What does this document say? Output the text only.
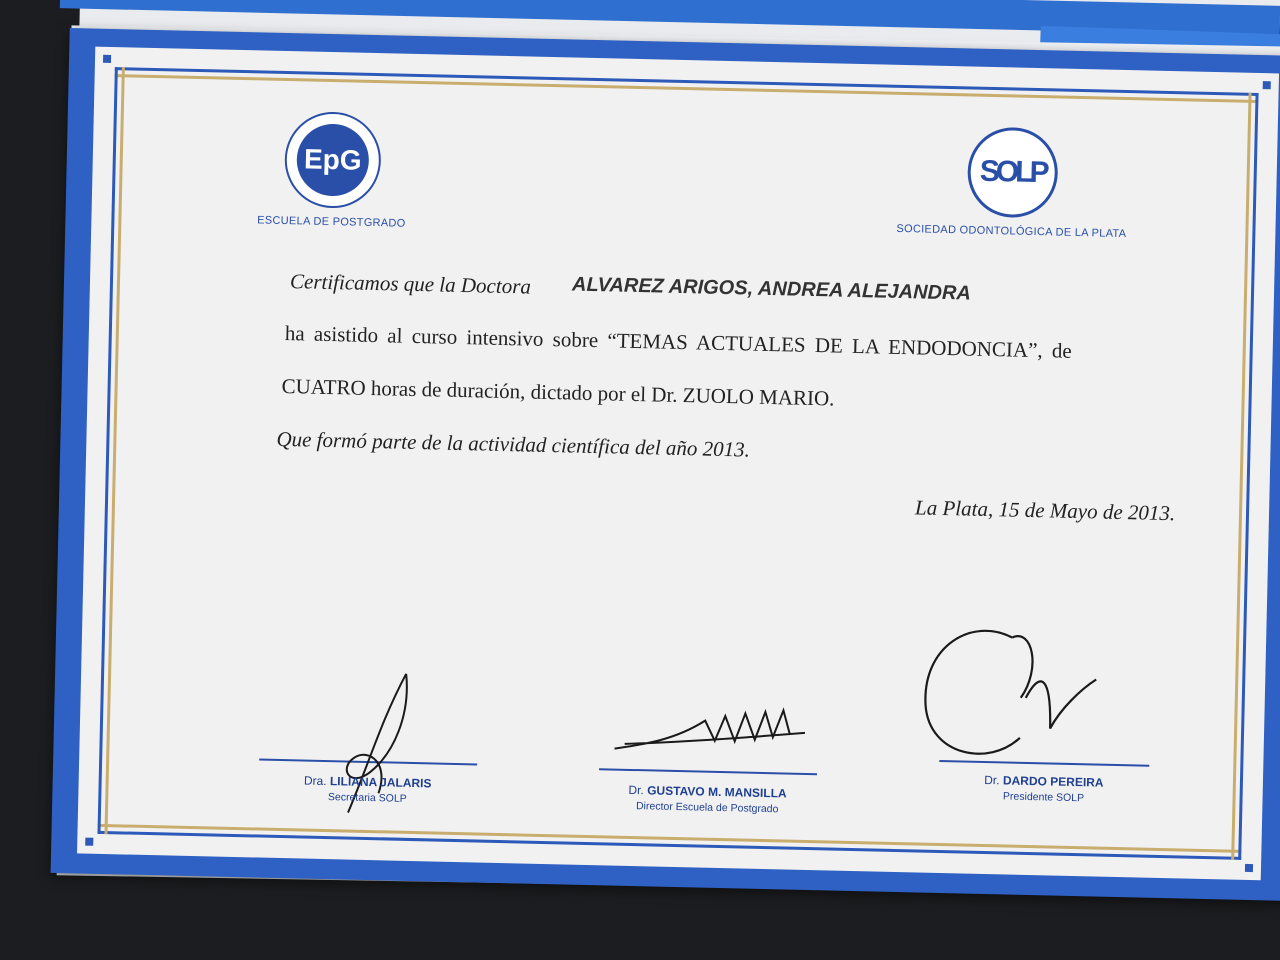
EpG
ESCUELA DE POSTGRADO
SOLP
SOCIEDAD ODONTOLÓGICA DE LA PLATA
Certificamos que la Doctora ALVAREZ ARIGOS, ANDREA ALEJANDRA
ha asistido al curso intensivo sobre “TEMAS ACTUALES DE LA ENDODONCIA”, de
CUATRO horas de duración, dictado por el Dr. ZUOLO MARIO.
Que formó parte de la actividad científica del año 2013.
La Plata, 15 de Mayo de 2013.
Dra. LILIANA JALARIS
Secretaria SOLP
Dr. GUSTAVO M. MANSILLA
Director Escuela de Postgrado
Dr. DARDO PEREIRA
Presidente SOLP
